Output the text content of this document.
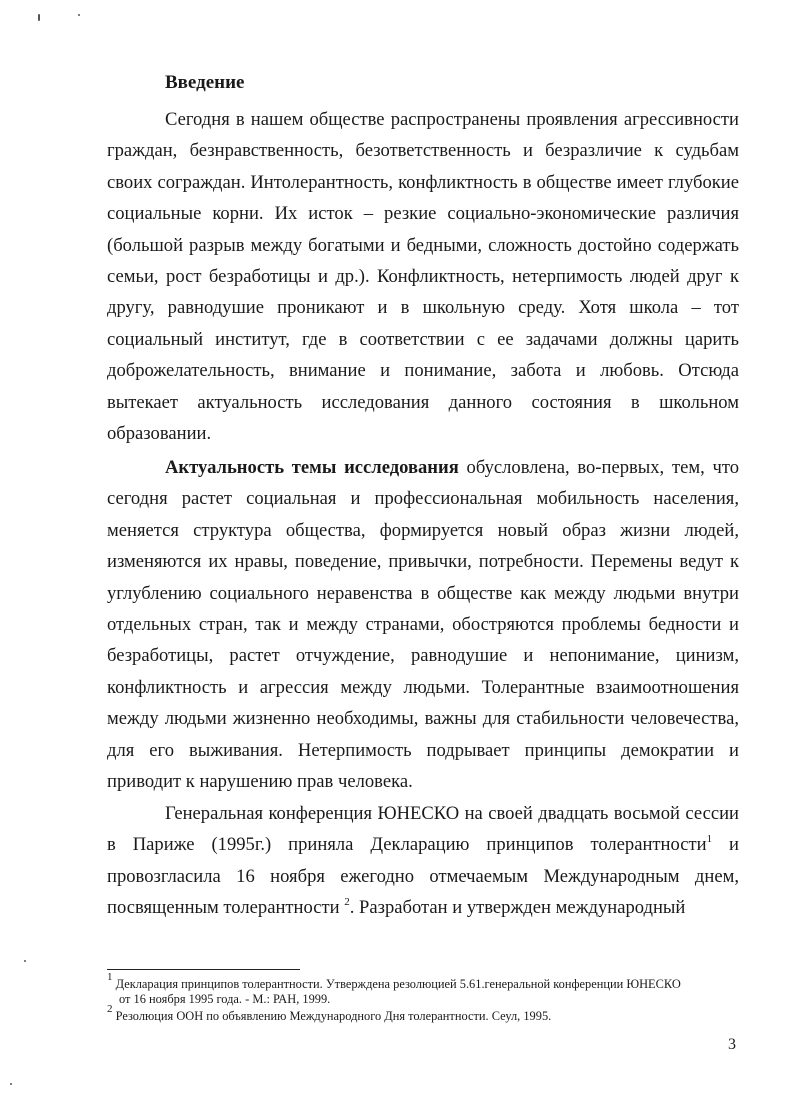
Введение

Сегодня в нашем обществе распространены проявления агрессивности граждан, безнравственность, безответственность и безразличие к судьбам своих сограждан. Интолерантность, конфликтность в обществе имеет глубокие социальные корни. Их исток – резкие социально-экономические различия (большой разрыв между богатыми и бедными, сложность достойно содержать семьи, рост безработицы и др.). Конфликтность, нетерпимость людей друг к другу, равнодушие проникают и в школьную среду. Хотя школа – тот социальный институт, где в соответствии с ее задачами должны царить доброжелательность, внимание и понимание, забота и любовь. Отсюда вытекает актуальность исследования данного состояния в школьном образовании.

Актуальность темы исследования обусловлена, во-первых, тем, что сегодня растет социальная и профессиональная мобильность населения, меняется структура общества, формируется новый образ жизни людей, изменяются их нравы, поведение, привычки, потребности. Перемены ведут к углублению социального неравенства в обществе как между людьми внутри отдельных стран, так и между странами, обостряются проблемы бедности и безработицы, растет отчуждение, равнодушие и непонимание, цинизм, конфликтность и агрессия между людьми. Толерантные взаимоотношения между людьми жизненно необходимы, важны для стабильности человечества, для его выживания. Нетерпимость подрывает принципы демократии и приводит к нарушению прав человека.

Генеральная конференция ЮНЕСКО на своей двадцать восьмой сессии в Париже (1995г.) приняла Декларацию принципов толерантности$^1$ и провозгласила 16 ноября ежегодно отмечаемым Международным днем, посвященным толерантности $^2$. Разработан и утвержден международный

$^1$ Декларация принципов толерантности. Утверждена резолюцией 5.61.генеральной конференции ЮНЕСКО
от 16 ноября 1995 года. - М.: РАН, 1999.

$^2$ Резолюция ООН по объявлению Международного Дня толерантности. Сеул, 1995.

3
